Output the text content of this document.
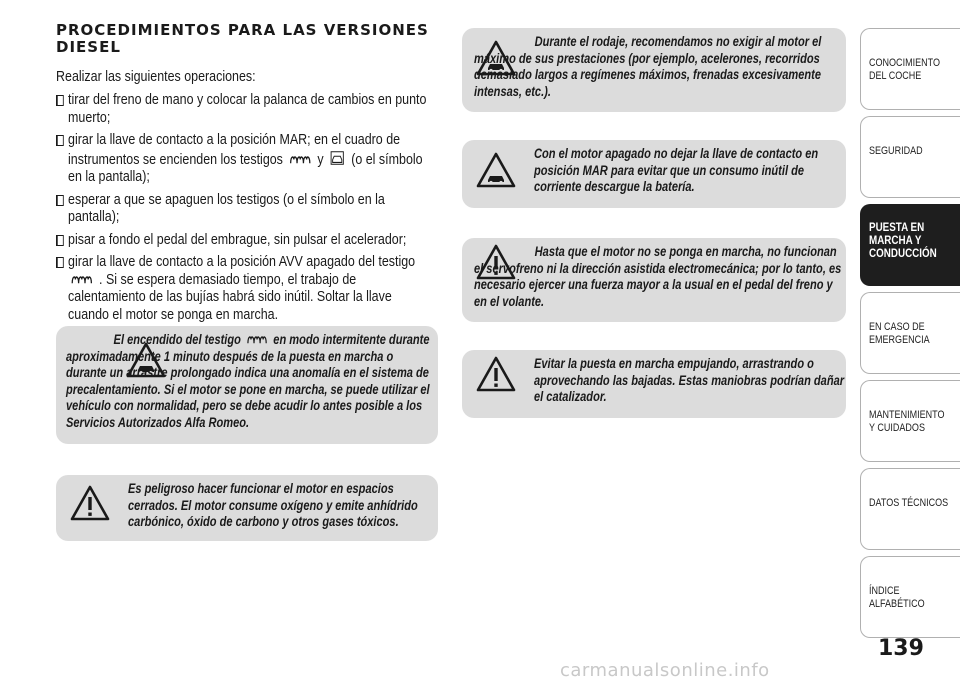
PROCEDIMIENTOS PARA LAS VERSIONES DIESEL
Realizar las siguientes operaciones:
tirar del freno de mano y colocar la palanca de cambios en punto muerto;
girar la llave de contacto a la posición MAR; en el cuadro de instrumentos se encienden los testigos y (o el símbolo en la pantalla);
esperar a que se apaguen los testigos (o el símbolo en la pantalla);
pisar a fondo el pedal del embrague, sin pulsar el acelerador;
girar la llave de contacto a la posición AVV apagado del testigo  . Si se espera demasiado tiempo, el trabajo de calentamiento de las bujías habrá sido inútil. Soltar la llave cuando el motor se ponga en marcha.
El encendido del testigo en modo intermitente durante aproximadamente 1 minuto después de la puesta en marcha o durante un arrastre prolongado indica una anomalía en el sistema de precalentamiento. Si el motor se pone en marcha, se puede utilizar el vehículo con normalidad, pero se debe acudir lo antes posible a los Servicios Autorizados Alfa Romeo.
Es peligroso hacer funcionar el motor en espacios cerrados. El motor consume oxígeno y emite anhídrido carbónico, óxido de carbono y otros gases tóxicos.
Durante el rodaje, recomendamos no exigir al motor el máximo de sus prestaciones (por ejemplo, acelerones, recorridos demasiado largos a regímenes máximos, frenadas excesivamente intensas, etc.).
Con el motor apagado no dejar la llave de contacto en posición MAR para evitar que un consumo inútil de corriente descargue la batería.
Hasta que el motor no se ponga en marcha, no funcionan el servofreno ni la dirección asistida electromecánica; por lo tanto, es necesario ejercer una fuerza mayor a la usual en el pedal del freno y en el volante.
Evitar la puesta en marcha empujando, arrastrando o aprovechando las bajadas. Estas maniobras podrían dañar el catalizador.
CONOCIMIENTO DEL COCHE
SEGURIDAD
PUESTA EN MARCHA Y CONDUCCIÓN
EN CASO DE EMERGENCIA
MANTENIMIENTO Y CUIDADOS
DATOS TÉCNICOS
ÍNDICE ALFABÉTICO
139
carmanualsonline.info
